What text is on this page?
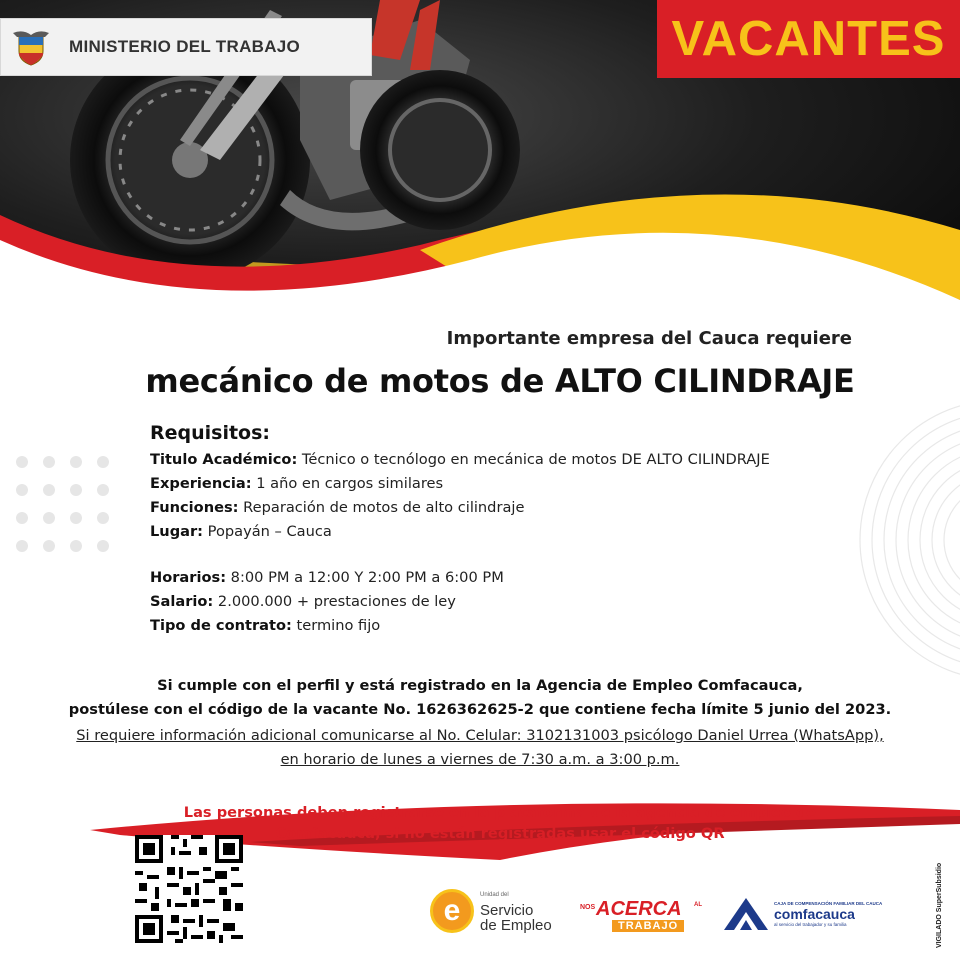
MINISTERIO DEL TRABAJO	VACANTES
Importante empresa del Cauca requiere
mecánico de motos de ALTO CILINDRAJE
Requisitos:
Titulo Académico: Técnico o tecnólogo en mecánica de motos DE ALTO CILINDRAJE
Experiencia: 1 año en cargos similares
Funciones: Reparación de motos de alto cilindraje
Lugar: Popayán – Cauca
Horarios: 8:00 PM a 12:00 Y 2:00 PM a 6:00 PM
Salario: 2.000.000 + prestaciones de ley
Tipo de contrato: termino fijo
Si cumple con el perfil y está registrado en la Agencia de Empleo Comfacauca,
postúlese con el código de la vacante No. 1626362625-2 que contiene fecha límite 5 junio del 2023.
Si requiere información adicional comunicarse al No. Celular: 3102131003 psicólogo Daniel Urrea (WhatsApp),
en horario de lunes a viernes de 7:30 a.m. a 3:00 p.m.
Las personas deben registrarse en la plataforma de la agencia de empleo de
Comfacauca, si no están registradas usar el código QR
e	Unidad del
Servicio
de Empleo
NOS ACERCA AL
TRABAJO
CAJA DE COMPENSACIÓN FAMILIAR DEL CAUCA
comfacauca
al servicio del trabajador y su familia	VIGILADO SuperSubsidio
